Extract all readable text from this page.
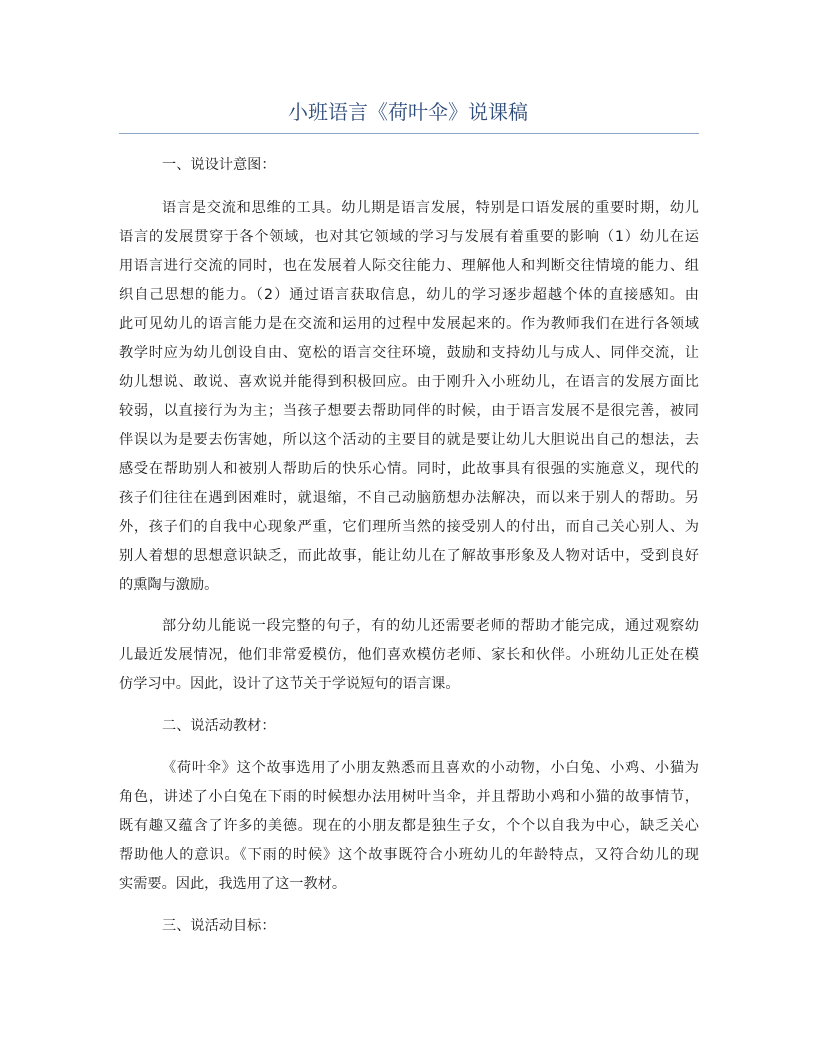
小班语言《荷叶伞》说课稿
一、说设计意图：
语言是交流和思维的工具。幼儿期是语言发展，特别是口语发展的重要时期，幼儿
语言的发展贯穿于各个领域，也对其它领域的学习与发展有着重要的影响（1）幼儿在运
用语言进行交流的同时，也在发展着人际交往能力、理解他人和判断交往情境的能力、组
织自己思想的能力。（2）通过语言获取信息，幼儿的学习逐步超越个体的直接感知。由
此可见幼儿的语言能力是在交流和运用的过程中发展起来的。作为教师我们在进行各领域
教学时应为幼儿创设自由、宽松的语言交往环境，鼓励和支持幼儿与成人、同伴交流，让
幼儿想说、敢说、喜欢说并能得到积极回应。由于刚升入小班幼儿，在语言的发展方面比
较弱，以直接行为为主；当孩子想要去帮助同伴的时候，由于语言发展不是很完善，被同
伴误以为是要去伤害她，所以这个活动的主要目的就是要让幼儿大胆说出自己的想法，去
感受在帮助别人和被别人帮助后的快乐心情。同时，此故事具有很强的实施意义，现代的
孩子们往往在遇到困难时，就退缩，不自己动脑筋想办法解决，而以来于别人的帮助。另
外，孩子们的自我中心现象严重，它们理所当然的接受别人的付出，而自己关心别人、为
别人着想的思想意识缺乏，而此故事，能让幼儿在了解故事形象及人物对话中，受到良好
的熏陶与激励。
部分幼儿能说一段完整的句子，有的幼儿还需要老师的帮助才能完成，通过观察幼
儿最近发展情况，他们非常爱模仿，他们喜欢模仿老师、家长和伙伴。小班幼儿正处在模
仿学习中。因此，设计了这节关于学说短句的语言课。
二、说活动教材：
《荷叶伞》这个故事选用了小朋友熟悉而且喜欢的小动物，小白兔、小鸡、小猫为
角色，讲述了小白兔在下雨的时候想办法用树叶当伞，并且帮助小鸡和小猫的故事情节，
既有趣又蕴含了许多的美德。现在的小朋友都是独生子女，个个以自我为中心，缺乏关心
帮助他人的意识。《下雨的时候》这个故事既符合小班幼儿的年龄特点，又符合幼儿的现
实需要。因此，我选用了这一教材。
三、说活动目标：
